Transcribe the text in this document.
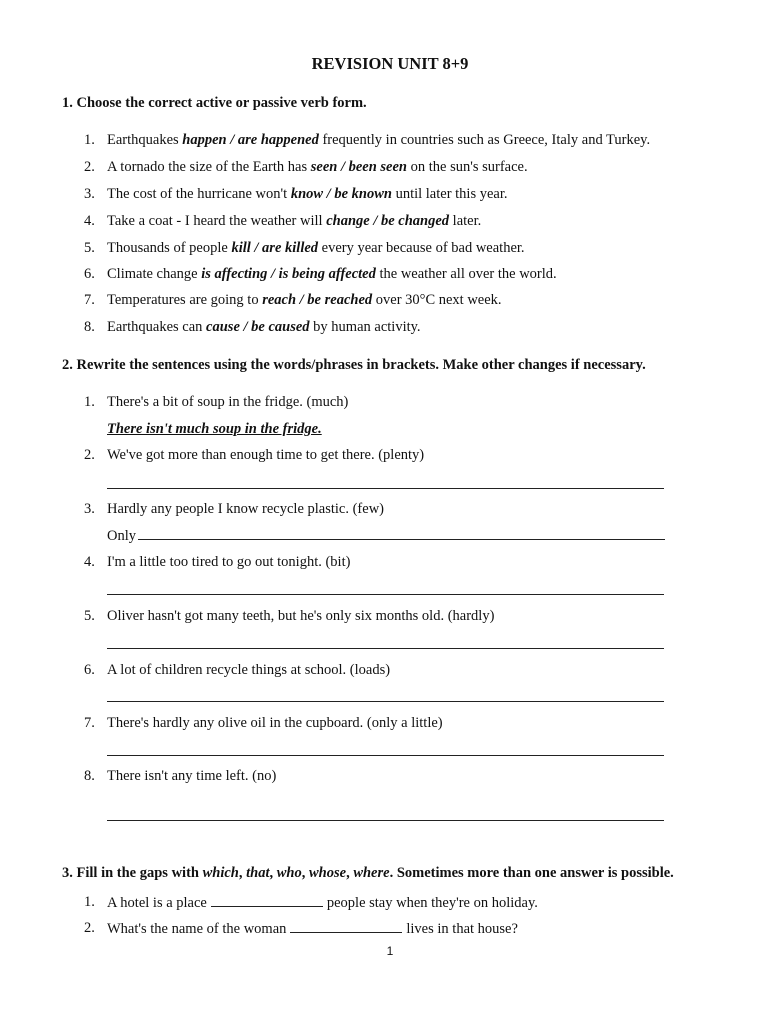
REVISION UNIT 8+9
1. Choose the correct active or passive verb form.
1. Earthquakes happen / are happened frequently in countries such as Greece, Italy and Turkey.
2. A tornado the size of the Earth has seen / been seen on the sun's surface.
3. The cost of the hurricane won't know / be known until later this year.
4. Take a coat - I heard the weather will change / be changed later.
5. Thousands of people kill / are killed every year because of bad weather.
6. Climate change is affecting / is being affected the weather all over the world.
7. Temperatures are going to reach / be reached over 30°C next week.
8. Earthquakes can cause / be caused by human activity.
2. Rewrite the sentences using the words/phrases in brackets. Make other changes if necessary.
1. There's a bit of soup in the fridge. (much)
There isn't much soup in the fridge.
2. We've got more than enough time to get there. (plenty)
3. Hardly any people I know recycle plastic. (few)
Only
4. I'm a little too tired to go out tonight. (bit)
5. Oliver hasn't got many teeth, but he's only six months old. (hardly)
6. A lot of children recycle things at school. (loads)
7. There's hardly any olive oil in the cupboard. (only a little)
8. There isn't any time left. (no)
3. Fill in the gaps with which, that, who, whose, where. Sometimes more than one answer is possible.
1. A hotel is a place	people stay when they're on holiday.
2. What's the name of the woman	lives in that house?
1
